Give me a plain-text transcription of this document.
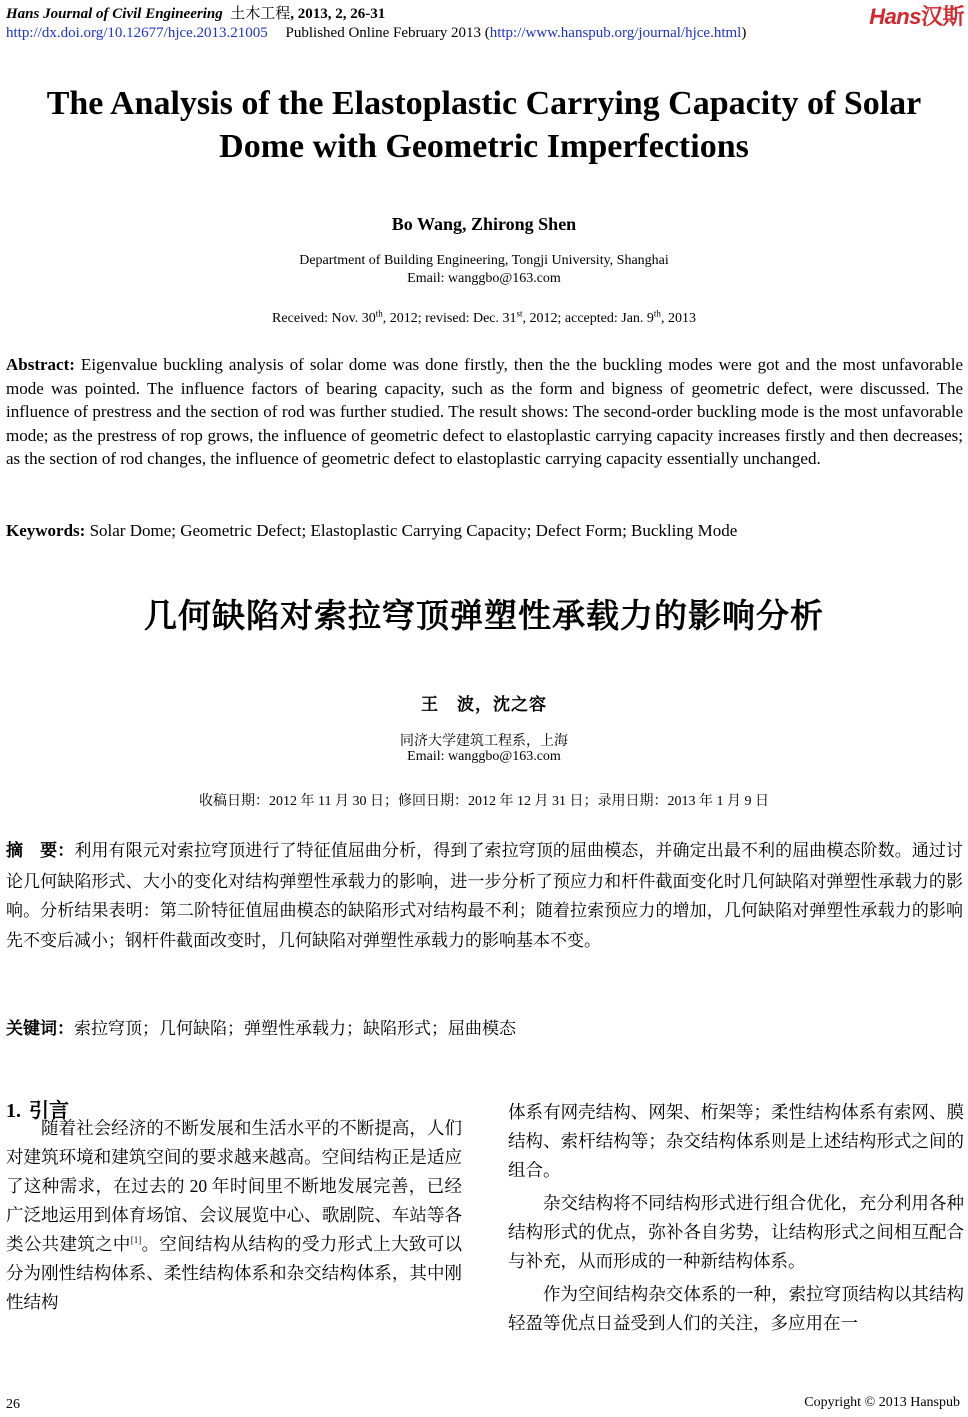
Hans Journal of Civil Engineering 土木工程, 2013, 2, 26-31
http://dx.doi.org/10.12677/hjce.2013.21005 Published Online February 2013 (http://www.hanspub.org/journal/hjce.html)
Hans汉斯
The Analysis of the Elastoplastic Carrying Capacity of Solar
Dome with Geometric Imperfections
Bo Wang, Zhirong Shen
Department of Building Engineering, Tongji University, Shanghai
Email: wanggbo@163.com
Received: Nov. 30th, 2012; revised: Dec. 31st, 2012; accepted: Jan. 9th, 2013
Abstract: Eigenvalue buckling analysis of solar dome was done firstly, then the the buckling modes were got and the most unfavorable mode was pointed. The influence factors of bearing capacity, such as the form and bigness of geometric defect, were discussed. The influence of prestress and the section of rod was further studied. The result shows: The second-order buckling mode is the most unfavorable mode; as the prestress of rop grows, the influence of geometric defect to elastoplastic carrying capacity increases firstly and then decreases; as the section of rod changes, the influence of geometric defect to elastoplastic carrying capacity essentially unchanged.
Keywords: Solar Dome; Geometric Defect; Elastoplastic Carrying Capacity; Defect Form; Buckling Mode
几何缺陷对索拉穹顶弹塑性承载力的影响分析
王　波，沈之容
同济大学建筑工程系，上海
Email: wanggbo@163.com
收稿日期：2012 年 11 月 30 日；修回日期：2012 年 12 月 31 日；录用日期：2013 年 1 月 9 日
摘　要：利用有限元对索拉穹顶进行了特征值屈曲分析，得到了索拉穹顶的屈曲模态，并确定出最不利的屈曲模态阶数。通过讨论几何缺陷形式、大小的变化对结构弹塑性承载力的影响，进一步分析了预应力和杆件截面变化时几何缺陷对弹塑性承载力的影响。分析结果表明：第二阶特征值屈曲模态的缺陷形式对结构最不利；随着拉索预应力的增加，几何缺陷对弹塑性承载力的影响先不变后减小；钢杆件截面改变时，几何缺陷对弹塑性承载力的影响基本不变。
关键词：索拉穹顶；几何缺陷；弹塑性承载力；缺陷形式；屈曲模态
1. 引言

随着社会经济的不断发展和生活水平的不断提高，人们对建筑环境和建筑空间的要求越来越高。空间结构正是适应了这种需求，在过去的 20 年时间里不断地发展完善，已经广泛地运用到体育场馆、会议展览中心、歌剧院、车站等各类公共建筑之中[1]。空间结构从结构的受力形式上大致可以分为刚性结构体系、柔性结构体系和杂交结构体系，其中刚性结构

体系有网壳结构、网架、桁架等；柔性结构体系有索网、膜结构、索杆结构等；杂交结构体系则是上述结构形式之间的组合。

杂交结构将不同结构形式进行组合优化，充分利用各种结构形式的优点，弥补各自劣势，让结构形式之间相互配合与补充，从而形成的一种新结构体系。

作为空间结构杂交体系的一种，索拉穹顶结构以其结构轻盈等优点日益受到人们的关注，多应用在一

26	Copyright © 2013 Hanspub
